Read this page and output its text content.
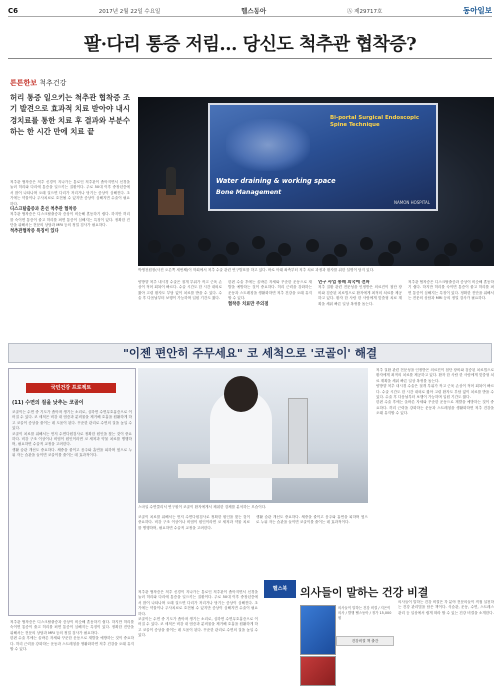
C6	2017년 2월 22일 수요일	헬스동아	Ⓐ 제29717호	동아일보
팔·다리 통증 저림… 당신도 척추관 협착증?
튼튼한보 척추건강

허리 통증 일으키는 척추관 협착증 조기 발견으로 효과적 치료 받아야 내시경치료를 통한 치료 후 결과와 부분수하는 한 시간 만에 치료 끝

척추관 협착증은 척추 신경이 지나가는 통로인 척추관이 좁아지면서 신경을 눌러 허리와 다리에 통증을 일으키는 질환이다. 주로 50대 이후 중장년층에서 많이 나타나며 오래 걸으면 다리가 저리거나 당기는 증상이 심해진다. 초기에는 약물이나 주사치료로 호전될 수 있지만 증상이 심해지면 수술이 필요하다.
디스크탈출증과 혼선 척추관 협착증
척추관 협착증은 디스크탈출증과 증상이 비슷해 혼동하기 쉽다. 하지만 허리를 숙이면 통증이 줄고 허리를 펴면 통증이 심해지는 특징이 있다. 정확한 진단을 위해서는 전문의 상담과 MRI 등의 정밀 검사가 필요하다.
척추관협착증 특징이 있다
Bi-portal Surgical Endoscopic Spine Technique
Water draining & working space
Bone Management
NAMON HOSPITAL

박생천원장(사진 오른쪽 세번째)이 학회에서 척추 수술 관련 연구발표를 하고 있다. 바로 아래 좌측부터 척추 치료 과정과 환자를 위한 설명이 담겨 있다.

양방향 척추 내시경 수술은 절개 부위가 작고 근육 손상이 적어 회복이 빠르다. 수술 시간도 한 시간 내외로 짧아 고령 환자도 부담 없이 치료를 받을 수 있다. 수술 후 다음날부터 보행이 가능하며 입원 기간도 짧다.
한편 수술 후에는 올바른 자세와 꾸준한 운동으로 재발을 예방하는 것이 중요하다. 허리 근력을 강화하는 운동과 스트레칭을 생활화하면 척추 건강을 오래 유지할 수 있다.
협착증 치료만 주의점
연구 사업 통해 외국에 전파
척추 질환 관련 전문성을 인정받은 의료진이 첨단 장비와 검증된 치료법으로 환자에게 최적의 치료를 제공하고 있다. 환자 한 사람 한 사람에게 맞춤형 치료 계획을 세워 빠른 일상 복귀를 돕는다.
척추관 협착증은 디스크탈출증과 증상이 비슷해 혼동하기 쉽다. 하지만 허리를 숙이면 통증이 줄고 허리를 펴면 통증이 심해지는 특징이 있다. 정확한 진단을 위해서는 전문의 상담과 MRI 등의 정밀 검사가 필요하다.
"이젠 편안히 주무세요" 코 세척으로 '코골이' 해결
국민건강 프로젝트
(11) 수면의 질을 낮추는 코골이
코골이는 수면 중 기도가 좁아져 생기는 소리로, 심하면 수면무호흡증으로 이어질 수 있다. 코 세척은 비강 내 염증과 분비물을 제거해 호흡을 원활하게 하고 코골이 증상을 줄이는 데 도움이 된다. 꾸준한 관리로 수면의 질을 높일 수 있다.
코골이 치료를 위해서는 먼저 수면다원검사로 정확한 원인을 찾는 것이 중요하다. 비강 구조 이상이나 비염이 원인이라면 코 세척과 약물 치료를 병행하며, 필요하면 수술적 교정을 고려한다.
생활 습관 개선도 중요하다. 체중을 줄이고 음주와 흡연을 피하며 옆으로 누워 자는 습관을 들이면 코골이를 줄이는 데 효과적이다.

스마일 수면클리닉 연구원이 코골이 환자에게서 채취한 검체를 분석하는 모습이다.

코골이 치료를 위해서는 먼저 수면다원검사로 정확한 원인을 찾는 것이 중요하다. 비강 구조 이상이나 비염이 원인이라면 코 세척과 약물 치료를 병행하며, 필요하면 수술적 교정을 고려한다.
생활 습관 개선도 중요하다. 체중을 줄이고 음주와 흡연을 피하며 옆으로 누워 자는 습관을 들이면 코골이를 줄이는 데 효과적이다.
척추 질환 관련 전문성을 인정받은 의료진이 첨단 장비와 검증된 치료법으로 환자에게 최적의 치료를 제공하고 있다. 환자 한 사람 한 사람에게 맞춤형 치료 계획을 세워 빠른 일상 복귀를 돕는다.
양방향 척추 내시경 수술은 절개 부위가 작고 근육 손상이 적어 회복이 빠르다. 수술 시간도 한 시간 내외로 짧아 고령 환자도 부담 없이 치료를 받을 수 있다. 수술 후 다음날부터 보행이 가능하며 입원 기간도 짧다.
한편 수술 후에는 올바른 자세와 꾸준한 운동으로 재발을 예방하는 것이 중요하다. 허리 근력을 강화하는 운동과 스트레칭을 생활화하면 척추 건강을 오래 유지할 수 있다.
척추관 협착증은 척추 신경이 지나가는 통로인 척추관이 좁아지면서 신경을 눌러 허리와 다리에 통증을 일으키는 질환이다. 주로 50대 이후 중장년층에서 많이 나타나며 오래 걸으면 다리가 저리거나 당기는 증상이 심해진다. 초기에는 약물이나 주사치료로 호전될 수 있지만 증상이 심해지면 수술이 필요하다.
코골이는 수면 중 기도가 좁아져 생기는 소리로, 심하면 수면무호흡증으로 이어질 수 있다. 코 세척은 비강 내 염증과 분비물을 제거해 호흡을 원활하게 하고 코골이 증상을 줄이는 데 도움이 된다. 꾸준한 관리로 수면의 질을 높일 수 있다.
척추관 협착증은 디스크탈출증과 증상이 비슷해 혼동하기 쉽다. 하지만 허리를 숙이면 통증이 줄고 허리를 펴면 통증이 심해지는 특징이 있다. 정확한 진단을 위해서는 전문의 상담과 MRI 등의 정밀 검사가 필요하다.
한편 수술 후에는 올바른 자세와 꾸준한 운동으로 재발을 예방하는 것이 중요하다. 허리 근력을 강화하는 운동과 스트레칭을 생활화하면 척추 건강을 오래 유지할 수 있다.
헬스북	의사들이 말하는 건강 비결
의사들이 말하는 건강 비결 / 지은이 의사 / 발행 헬스동아 / 정가 15,000원
건강비결 책 출간
의사들이 말하는 건강 비결은 각 분야 전문의들이 직접 실천하는 건강 관리법을 담은 책이다. 식습관, 운동, 수면, 스트레스 관리 등 일상에서 쉽게 따라 할 수 있는 건강 비결을 소개한다.
